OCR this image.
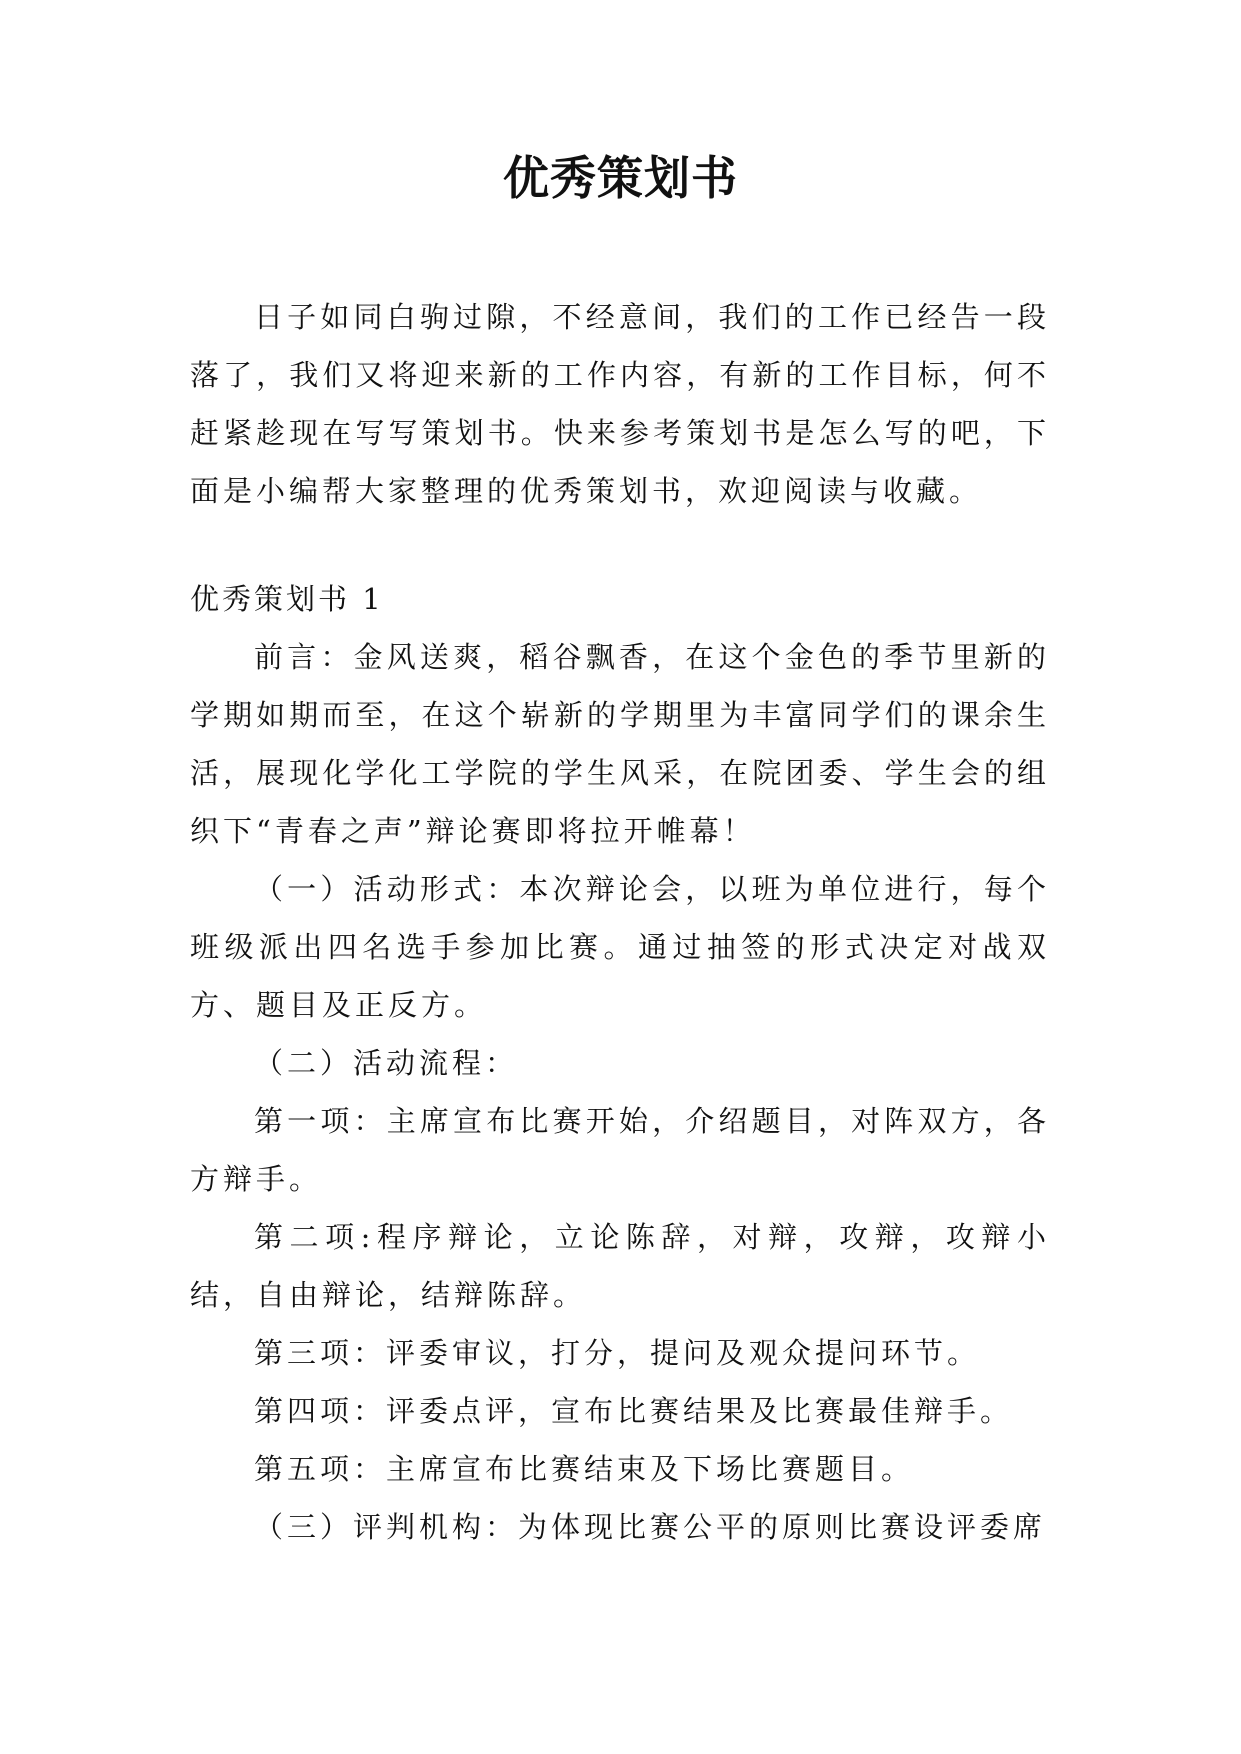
优秀策划书

日子如同白驹过隙，不经意间，我们的工作已经告一段落了，我们又将迎来新的工作内容，有新的工作目标，何不赶紧趁现在写写策划书。快来参考策划书是怎么写的吧，下面是小编帮大家整理的优秀策划书，欢迎阅读与收藏。

优秀策划书 1

前言：金风送爽，稻谷飘香，在这个金色的季节里新的学期如期而至，在这个崭新的学期里为丰富同学们的课余生活，展现化学化工学院的学生风采，在院团委、学生会的组织下“青春之声”辩论赛即将拉开帷幕！

（一）活动形式：本次辩论会，以班为单位进行，每个班级派出四名选手参加比赛。通过抽签的形式决定对战双方、题目及正反方。

（二）活动流程：

第一项：主席宣布比赛开始，介绍题目，对阵双方，各方辩手。

第二项:程序辩论，立论陈辞，对辩，攻辩，攻辩小结，自由辩论，结辩陈辞。

第三项：评委审议，打分，提问及观众提问环节。

第四项：评委点评，宣布比赛结果及比赛最佳辩手。

第五项：主席宣布比赛结束及下场比赛题目。

（三）评判机构：为体现比赛公平的原则比赛设评委席
